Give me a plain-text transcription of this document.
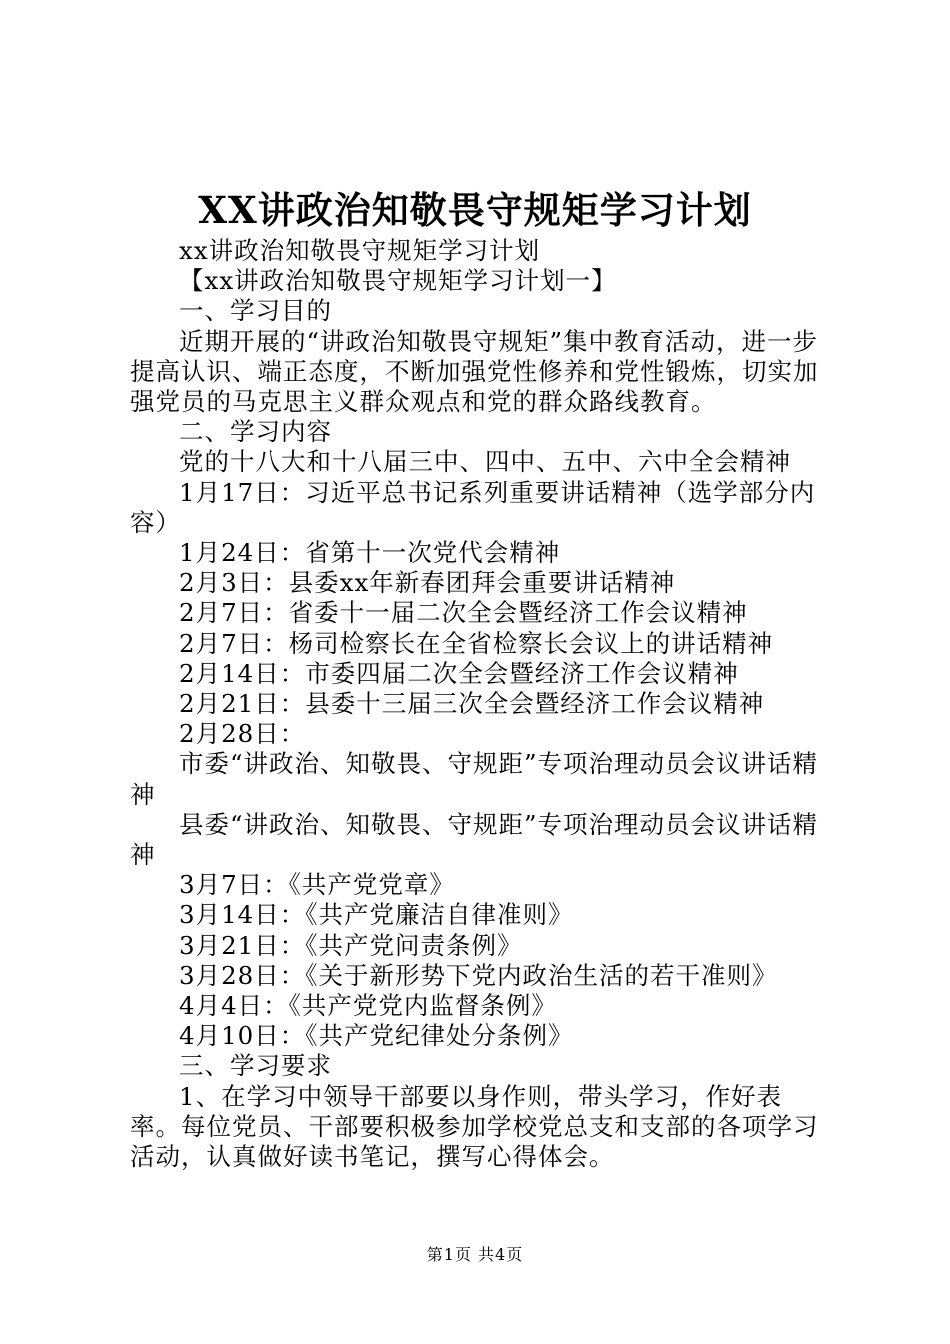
XX讲政治知敬畏守规矩学习计划

xx讲政治知敬畏守规矩学习计划

【xx讲政治知敬畏守规矩学习计划一】

一、学习目的

近期开展的“讲政治知敬畏守规矩”集中教育活动，进一步提高认识、端正态度，不断加强党性修养和党性锻炼，切实加强党员的马克思主义群众观点和党的群众路线教育。

二、学习内容

党的十八大和十八届三中、四中、五中、六中全会精神

1月17日：习近平总书记系列重要讲话精神（选学部分内容）

1月24日：省第十一次党代会精神

2月3日：县委xx年新春团拜会重要讲话精神

2月7日：省委十一届二次全会暨经济工作会议精神

2月7日：杨司检察长在全省检察长会议上的讲话精神

2月14日：市委四届二次全会暨经济工作会议精神

2月21日：县委十三届三次全会暨经济工作会议精神

2月28日：

市委“讲政治、知敬畏、守规距”专项治理动员会议讲话精神

县委“讲政治、知敬畏、守规距”专项治理动员会议讲话精神

3月7日：《共产党党章》

3月14日：《共产党廉洁自律准则》

3月21日：《共产党问责条例》

3月28日：《关于新形势下党内政治生活的若干准则》

4月4日：《共产党党内监督条例》

4月10日：《共产党纪律处分条例》

三、学习要求

1、在学习中领导干部要以身作则，带头学习，作好表率。每位党员、干部要积极参加学校党总支和支部的各项学习活动，认真做好读书笔记，撰写心得体会。

第1页 共4页
